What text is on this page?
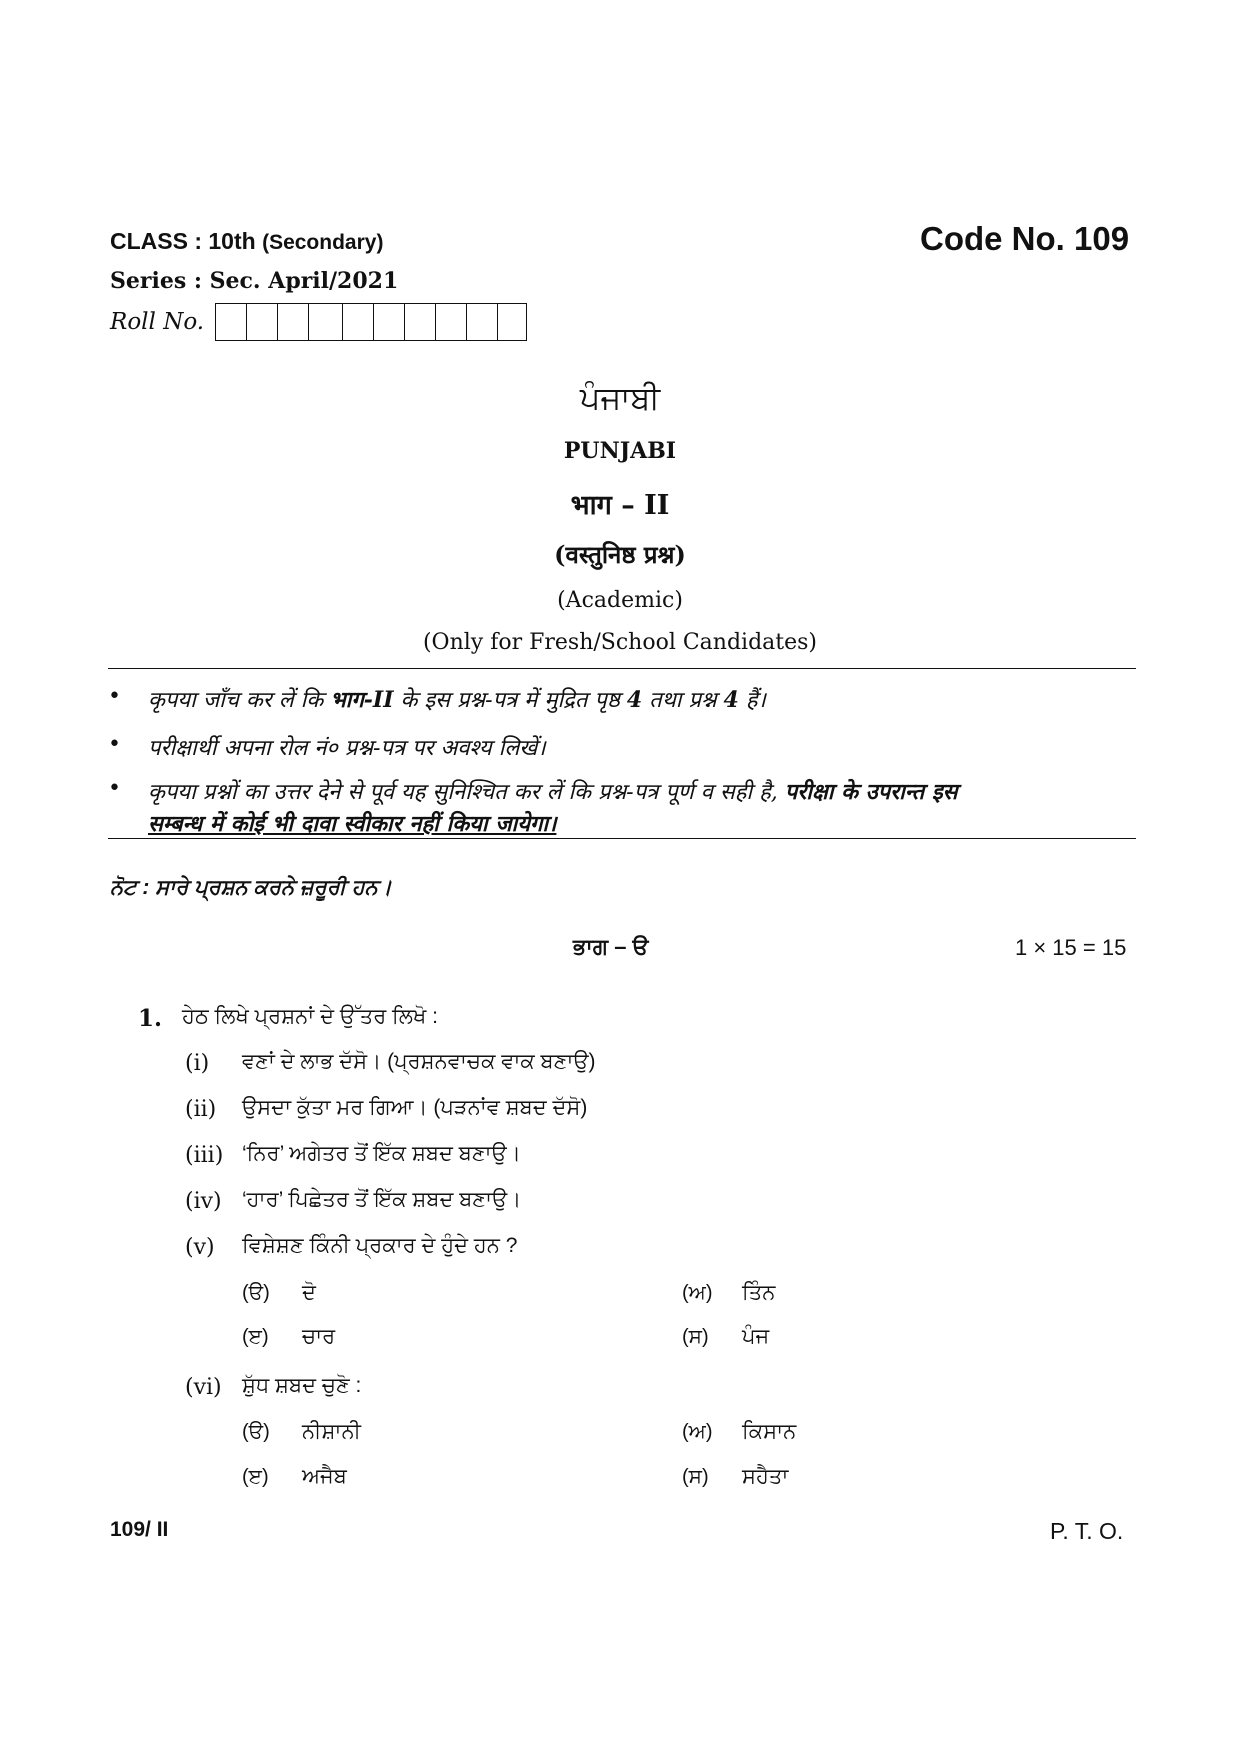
CLASS : 10th (Secondary)	Code No. 109
Series : Sec. April/2021
Roll No.
ਪੰਜਾਬੀ
PUNJABI
भाग – II
(वस्तुनिष्ठ प्रश्न)
(Academic)
(Only for Fresh/School Candidates)
• कृपया जाँच कर लें कि भाग-II के इस प्रश्न-पत्र में मुद्रित पृष्ठ 4 तथा प्रश्न 4 हैं।
• परीक्षार्थी अपना रोल नं० प्रश्न-पत्र पर अवश्य लिखें।
• कृपया प्रश्नों का उत्तर देने से पूर्व यह सुनिश्चित कर लें कि प्रश्न-पत्र पूर्ण व सही है, परीक्षा के उपरान्त इस
सम्बन्ध में कोई भी दावा स्वीकार नहीं किया जायेगा।
ਨੋਟ : ਸਾਰੇ ਪ੍ਰਸ਼ਨ ਕਰਨੇ ਜ਼ਰੂਰੀ ਹਨ।
ਭਾਗ – ੳ	1 × 15 = 15
1. ਹੇਠ ਲਿਖੇ ਪ੍ਰਸ਼ਨਾਂ ਦੇ ਉੱਤਰ ਲਿਖੋ :
(i) ਵਣਾਂ ਦੇ ਲਾਭ ਦੱਸੋ। (ਪ੍ਰਸ਼ਨਵਾਚਕ ਵਾਕ ਬਣਾਉ)
(ii) ਉਸਦਾ ਕੁੱਤਾ ਮਰ ਗਿਆ। (ਪੜਨਾਂਵ ਸ਼ਬਦ ਦੱਸੋ)
(iii) ‘ਨਿਰ’ ਅਗੇਤਰ ਤੋਂ ਇੱਕ ਸ਼ਬਦ ਬਣਾਉ।
(iv) ‘ਹਾਰ’ ਪਿਛੇਤਰ ਤੋਂ ਇੱਕ ਸ਼ਬਦ ਬਣਾਉ।
(v) ਵਿਸ਼ੇਸ਼ਣ ਕਿੰਨੀ ਪ੍ਰਕਾਰ ਦੇ ਹੁੰਦੇ ਹਨ ?
(ੳ) ਦੋ	(ਅ) ਤਿੰਨ
(ੲ) ਚਾਰ	(ਸ) ਪੰਜ
(vi) ਸ਼ੁੱਧ ਸ਼ਬਦ ਚੁਣੋ :
(ੳ) ਨੀਸ਼ਾਨੀ	(ਅ) ਕਿਸਾਨ
(ੲ) ਅਜੈਬ	(ਸ) ਸਹੈਤਾ
109/ II	P. T. O.
